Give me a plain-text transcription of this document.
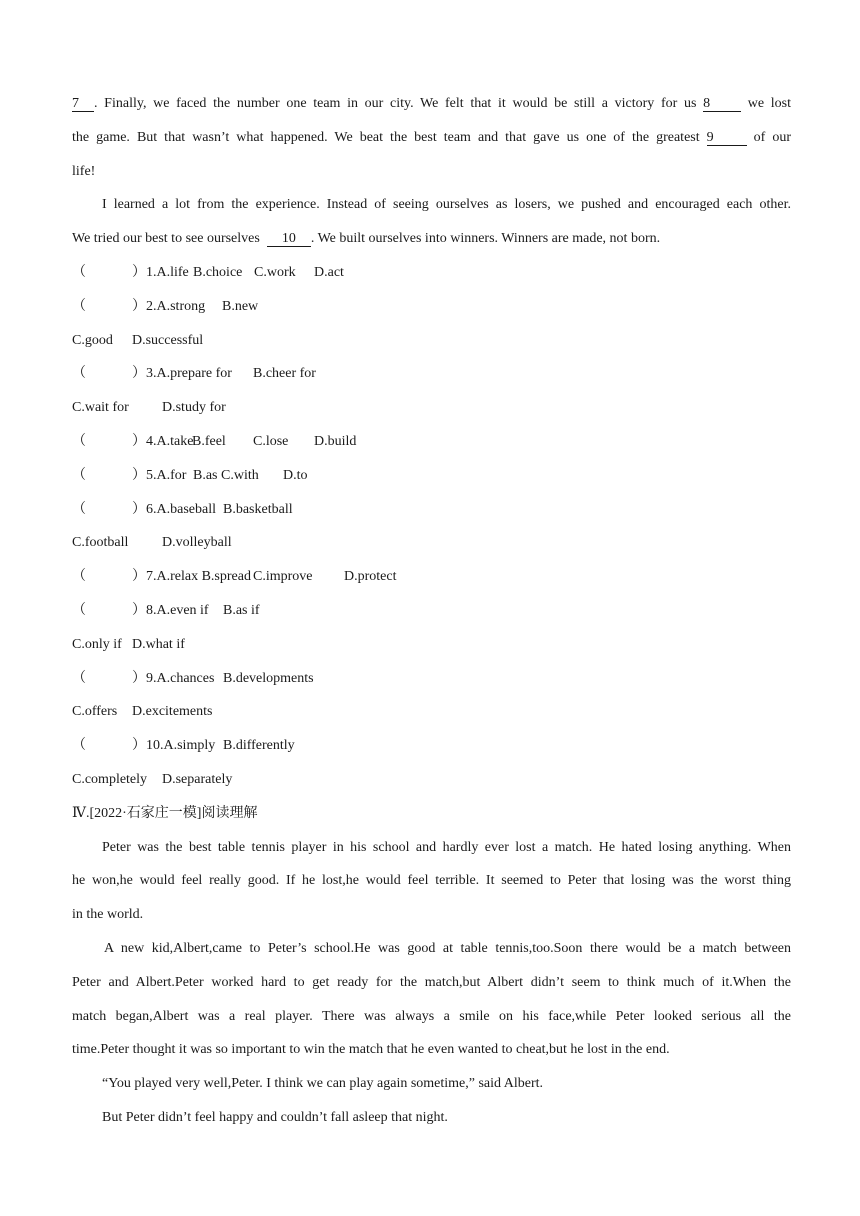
7 . Finally, we faced the number one team in our city. We felt that it would be still a victory for us 8	we lost
the game. But that wasn’t what happened. We beat the best team and that gave us one of the greatest 9	of our
life!
I learned a lot from the experience. Instead of seeing ourselves as losers, we pushed and encouraged each other.
We tried our best to see ourselves 10 . We built ourselves into winners. Winners are made, not born.
（	）1.A.life B.choice C.work D.act
（	）2.A.strong B.new
C.good D.successful
（	）3.A.prepare for B.cheer for
C.wait for D.study for
（	）4.A.takeB.feel C.lose D.build
（	）5.A.for B.as C.with D.to
（	）6.A.baseball B.basketball
C.football D.volleyball
（	）7.A.relax B.spread C.improve D.protect
（	）8.A.even if B.as if
C.only if D.what if
（	）9.A.chances B.developments
C.offers D.excitements
（	）10.A.simply B.differently
C.completely D.separately
Ⅳ.[2022·石家庄一模]阅读理解
Peter was the best table tennis player in his school and hardly ever lost a match. He hated losing anything. When
he won,he would feel really good. If he lost,he would feel terrible. It seemed to Peter that losing was the worst thing
in the world.
A new kid,Albert,came to Peter’s school.He was good at table tennis,too.Soon there would be a match between
Peter and Albert.Peter worked hard to get ready for the match,but Albert didn’t seem to think much of it.When the
match began,Albert was a real player. There was always a smile on his face,while Peter looked serious all the
time.Peter thought it was so important to win the match that he even wanted to cheat,but he lost in the end.
“You played very well,Peter. I think we can play again sometime,” said Albert.
But Peter didn’t feel happy and couldn’t fall asleep that night.
